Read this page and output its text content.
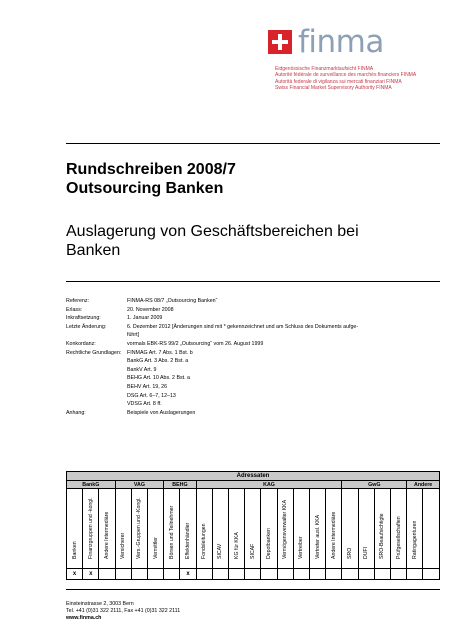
finma
Eidgenössische Finanzmarktaufsicht FINMA
Autorité fédérale de surveillance des marchés financiers FINMA
Autorità federale di vigilanza sui mercati finanziari FINMA
Swiss Financial Market Supervisory Authority FINMA
Rundschreiben 2008/7
Outsourcing Banken
Auslagerung von Geschäftsbereichen bei Banken
Referenz:	FINMA-RS 08/7 „Outsourcing Banken“
Erlass:	20. November 2008
Inkraftsetzung:	1. Januar 2009
Letzte Änderung:	6. Dezember 2012 [Änderungen sind mit * gekennzeichnet und am Schluss des Dokuments aufge-
führt]
Konkordanz:	vormals EBK-RS 99/2 „Outsourcing“ vom 26. August 1999
Rechtliche Grundlagen:	FINMAG Art. 7 Abs. 1 Bst. b
BankG Art. 3 Abs. 2 Bst. a
BankV Art. 9
BEHG Art. 10 Abs. 2 Bst. a
BEHV Art. 19, 26
DSG Art. 6–7, 12–13
VDSG Art. 8 ff.
Anhang:	Beispiele von Auslagerungen
Adressaten																						
BankG			VAG			BEHG		KAG									GwG				Andere	

Banken	Finanzgruppen und -kongl.	Andere Intermediäre	Versicherer	Vers.-Gruppen und -Kongl.	Vermittler	Börsen und Teilnehmer	Effektenhändler	Fondsleitungen	SICAV	KG für KKA	SICAF	Depotbanken	Vermögensverwalter KKA	Vertreiber	Vertreter ausl. KKA	Andere Intermediäre	SRO	DUFI	SRO-Beaufsichtigte	Prüfgesellschaften	Ratingagenturen	

x	x						x															
Einsteinstrasse 2, 3003 Bern
Tel. +41 (0)31 322 2111, Fax +41 (0)31 322 2111
www.finma.ch
